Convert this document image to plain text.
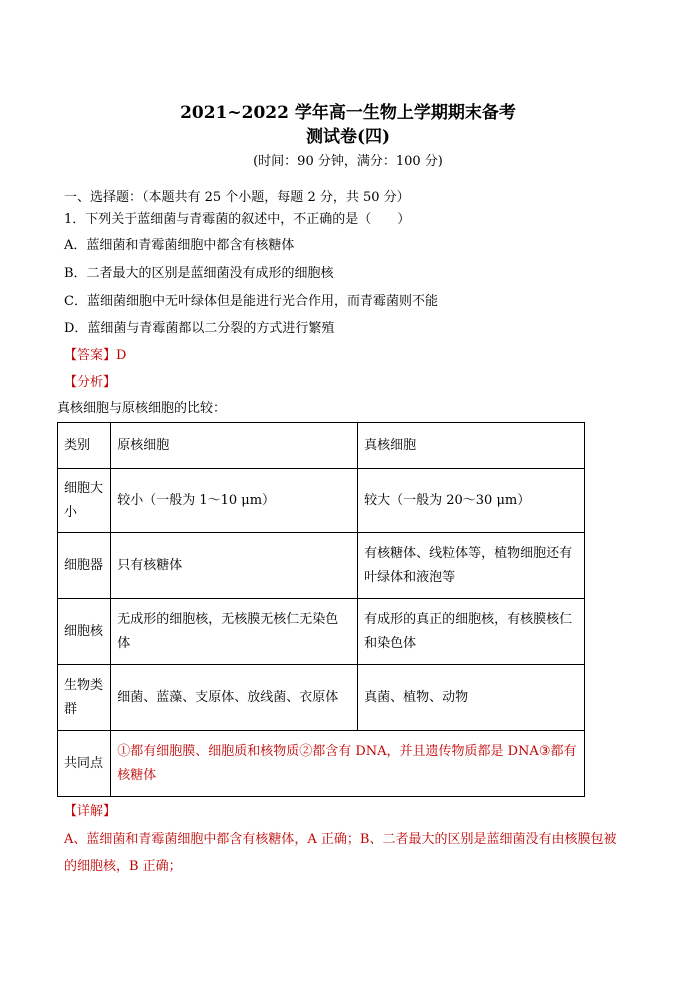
2021~2022 学年高一生物上学期期末备考
测试卷(四)
(时间：90 分钟，满分：100 分)
一、选择题：（本题共有 25 个小题，每题 2 分，共 50 分）
1．下列关于蓝细菌与青霉菌的叙述中，不正确的是（　　）
A．蓝细菌和青霉菌细胞中都含有核糖体
B．二者最大的区别是蓝细菌没有成形的细胞核
C．蓝细菌细胞中无叶绿体但是能进行光合作用，而青霉菌则不能
D．蓝细菌与青霉菌都以二分裂的方式进行繁殖
【答案】D
【分析】
真核细胞与原核细胞的比较：
类别	原核细胞	真核细胞
细胞大小	较小（一般为 1～10 μm）	较大（一般为 20～30 μm）
细胞器	只有核糖体	有核糖体、线粒体等，植物细胞还有叶绿体和液泡等
细胞核	无成形的细胞核，无核膜无核仁无染色体	有成形的真正的细胞核，有核膜核仁和染色体
生物类群	细菌、蓝藻、支原体、放线菌、衣原体	真菌、植物、动物
共同点	①都有细胞膜、细胞质和核物质②都含有 DNA，并且遗传物质都是 DNA③都有核糖体	
【详解】
A、蓝细菌和青霉菌细胞中都含有核糖体，A 正确；B、二者最大的区别是蓝细菌没有由核膜包被的细胞核，B 正确；
